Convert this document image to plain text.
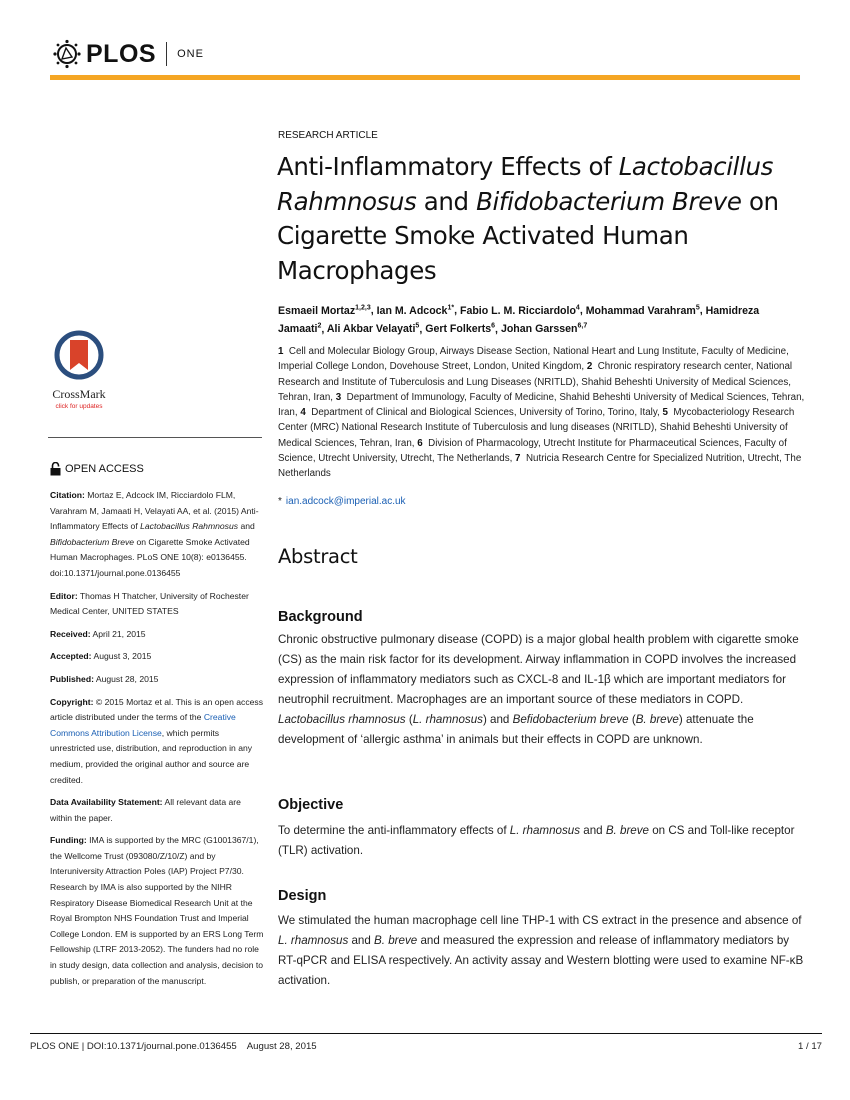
PLOS ONE
CrossMark
click for updates
OPEN ACCESS

Citation: Mortaz E, Adcock IM, Ricciardolo FLM, Varahram M, Jamaati H, Velayati AA, et al. (2015) Anti-Inflammatory Effects of Lactobacillus Rahmnosus and Bifidobacterium Breve on Cigarette Smoke Activated Human Macrophages. PLoS ONE 10(8): e0136455. doi:10.1371/journal.pone.0136455

Editor: Thomas H Thatcher, University of Rochester Medical Center, UNITED STATES

Received: April 21, 2015

Accepted: August 3, 2015

Published: August 28, 2015

Copyright: © 2015 Mortaz et al. This is an open access article distributed under the terms of the Creative Commons Attribution License, which permits unrestricted use, distribution, and reproduction in any medium, provided the original author and source are credited.

Data Availability Statement: All relevant data are within the paper.

Funding: IMA is supported by the MRC (G1001367/1), the Wellcome Trust (093080/Z/10/Z) and by Interuniversity Attraction Poles (IAP) Project P7/30. Research by IMA is also supported by the NIHR Respiratory Disease Biomedical Research Unit at the Royal Brompton NHS Foundation Trust and Imperial College London. EM is supported by an ERS Long Term Fellowship (LTRF 2013-2052). The funders had no role in study design, data collection and analysis, decision to publish, or preparation of the manuscript.

RESEARCH ARTICLE
Anti-Inflammatory Effects of Lactobacillus Rahmnosus and Bifidobacterium Breve on Cigarette Smoke Activated Human Macrophages
Esmaeil Mortaz$^{1,2,3}$, Ian M. Adcock$^{1*}$, Fabio L. M. Ricciardolo$^4$, Mohammad Varahram$^5$, Hamidreza Jamaati$^2$, Ali Akbar Velayati$^5$, Gert Folkerts$^6$, Johan Garssen$^{6,7}$
1 Cell and Molecular Biology Group, Airways Disease Section, National Heart and Lung Institute, Faculty of Medicine, Imperial College London, Dovehouse Street, London, United Kingdom, 2 Chronic respiratory research center, National Research and Institute of Tuberculosis and Lung Diseases (NRITLD), Shahid Beheshti University of Medical Sciences, Tehran, Iran, 3 Department of Immunology, Faculty of Medicine, Shahid Beheshti University of Medical Sciences, Tehran, Iran, 4 Department of Clinical and Biological Sciences, University of Torino, Torino, Italy, 5 Mycobacteriology Research Center (MRC) National Research Institute of Tuberculosis and lung diseases (NRITLD), Shahid Beheshti University of Medical Sciences, Tehran, Iran, 6 Division of Pharmacology, Utrecht Institute for Pharmaceutical Sciences, Faculty of Science, Utrecht University, Utrecht, The Netherlands, 7 Nutricia Research Centre for Specialized Nutrition, Utrecht, The Netherlands
* ian.adcock@imperial.ac.uk
Abstract
Background
Chronic obstructive pulmonary disease (COPD) is a major global health problem with cigarette smoke (CS) as the main risk factor for its development. Airway inflammation in COPD involves the increased expression of inflammatory mediators such as CXCL-8 and IL-1β which are important mediators for neutrophil recruitment. Macrophages are an important source of these mediators in COPD. Lactobacillus rhamnosus (L. rhamnosus) and Befidobacterium breve (B. breve) attenuate the development of ‘allergic asthma’ in animals but their effects in COPD are unknown.
Objective
To determine the anti-inflammatory effects of L. rhamnosus and B. breve on CS and Toll-like receptor (TLR) activation.
Design
We stimulated the human macrophage cell line THP-1 with CS extract in the presence and absence of L. rhamnosus and B. breve and measured the expression and release of inflammatory mediators by RT-qPCR and ELISA respectively. An activity assay and Western blotting were used to examine NF-κB activation.
PLOS ONE | DOI:10.1371/journal.pone.0136455 August 28, 2015	1 / 17
